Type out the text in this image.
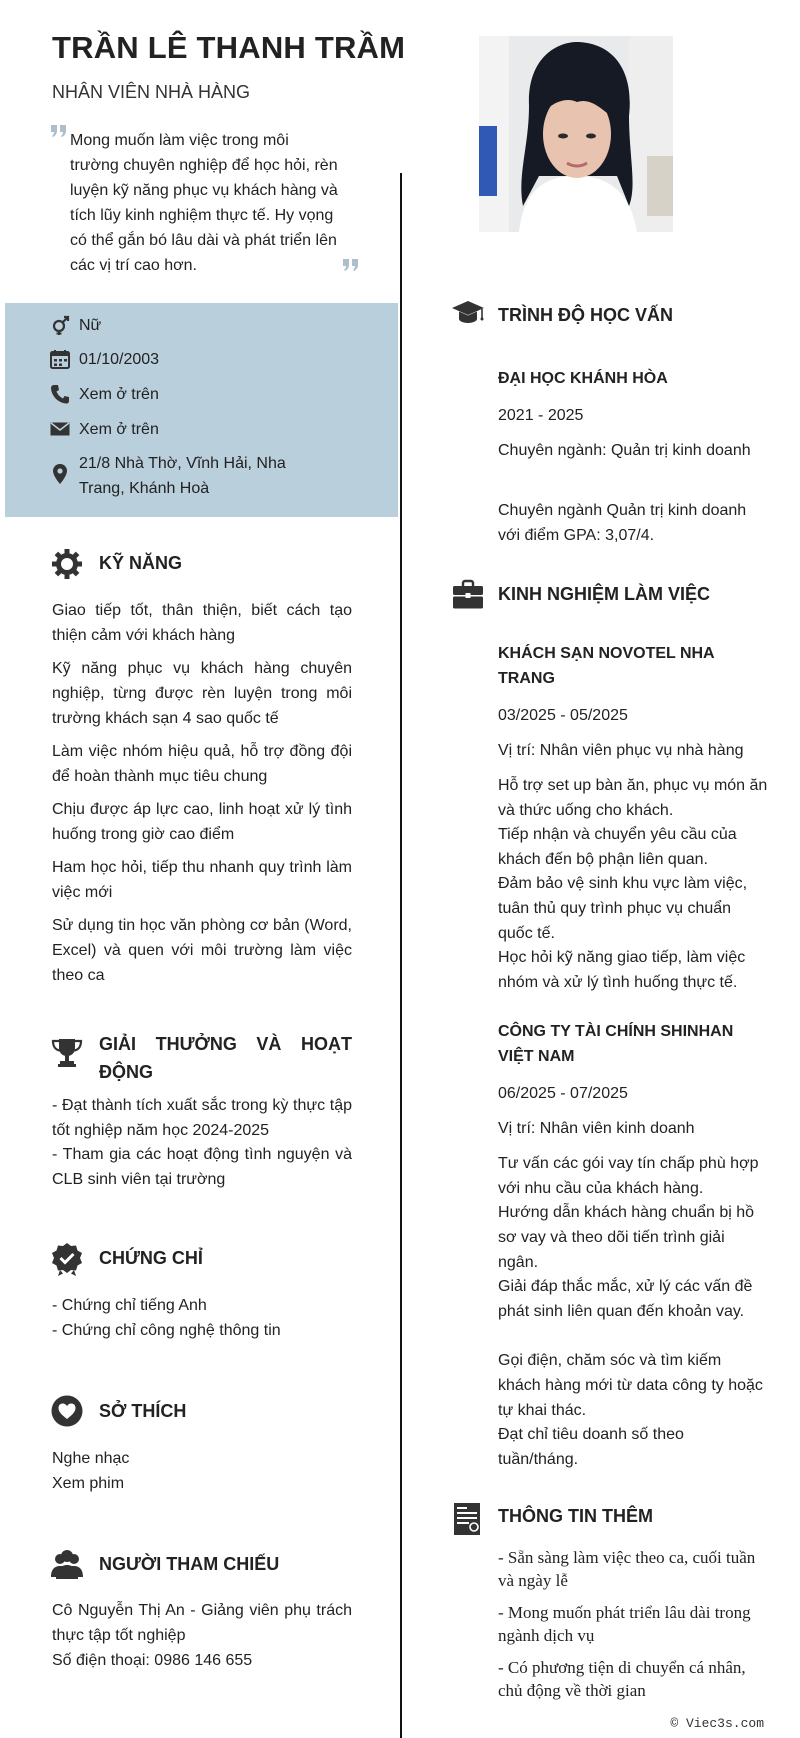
TRẦN LÊ THANH TRẦM
NHÂN VIÊN NHÀ HÀNG
Mong muốn làm việc trong môi trường chuyên nghiệp để học hỏi, rèn luyện kỹ năng phục vụ khách hàng và tích lũy kinh nghiệm thực tế. Hy vọng có thể gắn bó lâu dài và phát triển lên các vị trí cao hơn.
Nữ
01/10/2003
Xem ở trên
Xem ở trên
21/8 Nhà Thờ, Vĩnh Hải, Nha Trang, Khánh Hoà
KỸ NĂNG
Giao tiếp tốt, thân thiện, biết cách tạo thiện cảm với khách hàng
Kỹ năng phục vụ khách hàng chuyên nghiệp, từng được rèn luyện trong môi trường khách sạn 4 sao quốc tế
Làm việc nhóm hiệu quả, hỗ trợ đồng đội để hoàn thành mục tiêu chung
Chịu được áp lực cao, linh hoạt xử lý tình huống trong giờ cao điểm
Ham học hỏi, tiếp thu nhanh quy trình làm việc mới
Sử dụng tin học văn phòng cơ bản (Word, Excel) và quen với môi trường làm việc theo ca
GIẢI THƯỞNG VÀ HOẠT ĐỘNG
- Đạt thành tích xuất sắc trong kỳ thực tập tốt nghiệp năm học 2024-2025
- Tham gia các hoạt động tình nguyện và CLB sinh viên tại trường
CHỨNG CHỈ
- Chứng chỉ tiếng Anh
- Chứng chỉ công nghệ thông tin
SỞ THÍCH
Nghe nhạc
Xem phim
NGƯỜI THAM CHIẾU
Cô Nguyễn Thị An - Giảng viên phụ trách thực tập tốt nghiệp
Số điện thoại: 0986 146 655
TRÌNH ĐỘ HỌC VẤN
ĐẠI HỌC KHÁNH HÒA
2021 - 2025
Chuyên ngành: Quản trị kinh doanh
Chuyên ngành Quản trị kinh doanh với điểm GPA: 3,07/4.
KINH NGHIỆM LÀM VIỆC
KHÁCH SẠN NOVOTEL NHA TRANG
03/2025 - 05/2025
Vị trí: Nhân viên phục vụ nhà hàng
Hỗ trợ set up bàn ăn, phục vụ món ăn và thức uống cho khách.
Tiếp nhận và chuyển yêu cầu của khách đến bộ phận liên quan.
Đảm bảo vệ sinh khu vực làm việc, tuân thủ quy trình phục vụ chuẩn quốc tế.
Học hỏi kỹ năng giao tiếp, làm việc nhóm và xử lý tình huống thực tế.
CÔNG TY TÀI CHÍNH SHINHAN VIỆT NAM
06/2025 - 07/2025
Vị trí: Nhân viên kinh doanh
Tư vấn các gói vay tín chấp phù hợp với nhu cầu của khách hàng.
Hướng dẫn khách hàng chuẩn bị hồ sơ vay và theo dõi tiến trình giải ngân.
Giải đáp thắc mắc, xử lý các vấn đề phát sinh liên quan đến khoản vay.
Gọi điện, chăm sóc và tìm kiếm khách hàng mới từ data công ty hoặc tự khai thác.
Đạt chỉ tiêu doanh số theo tuần/tháng.
THÔNG TIN THÊM
- Sẵn sàng làm việc theo ca, cuối tuần và ngày lễ
- Mong muốn phát triển lâu dài trong ngành dịch vụ
- Có phương tiện di chuyển cá nhân, chủ động về thời gian
© Viec3s.com
